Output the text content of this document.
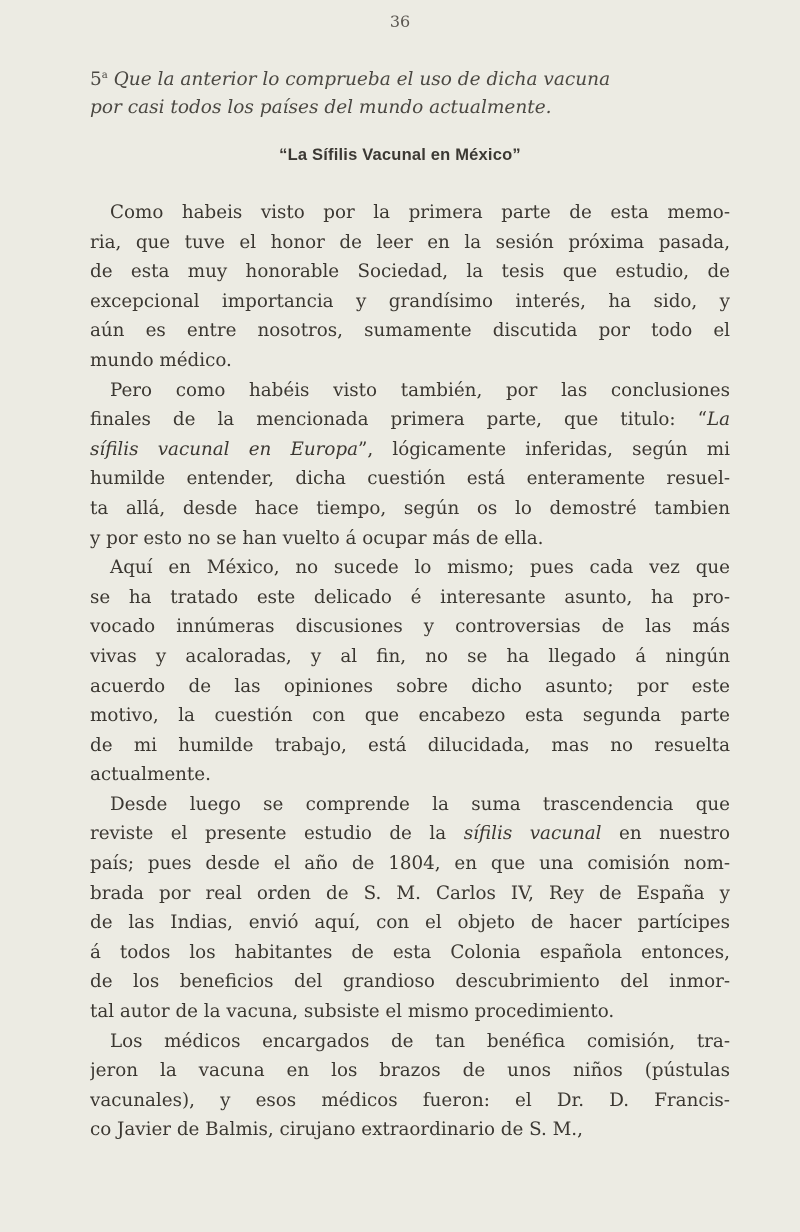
36
5$^a$ Que la anterior lo comprueba el uso de dicha vacuna
por casi todos los países del mundo actualmente.
“La Sífilis Vacunal en México”
Como habeis visto por la primera parte de esta memo-
ria, que tuve el honor de leer en la sesión próxima pasada,
de esta muy honorable Sociedad, la tesis que estudio, de
excepcional importancia y grandísimo interés, ha sido, y
aún es entre nosotros, sumamente discutida por todo el
mundo médico.
Pero como habéis visto también, por las conclusiones
finales de la mencionada primera parte, que titulo: “La
sífilis vacunal en Europa”, lógicamente inferidas, según mi
humilde entender, dicha cuestión está enteramente resuel-
ta allá, desde hace tiempo, según os lo demostré tambien
y por esto no se han vuelto á ocupar más de ella.
Aquí en México, no sucede lo mismo; pues cada vez que
se ha tratado este delicado é interesante asunto, ha pro-
vocado innúmeras discusiones y controversias de las más
vivas y acaloradas, y al fin, no se ha llegado á ningún
acuerdo de las opiniones sobre dicho asunto; por este
motivo, la cuestión con que encabezo esta segunda parte
de mi humilde trabajo, está dilucidada, mas no resuelta
actualmente.
Desde luego se comprende la suma trascendencia que
reviste el presente estudio de la sífilis vacunal en nuestro
país; pues desde el año de 1804, en que una comisión nom-
brada por real orden de S. M. Carlos IV, Rey de España y
de las Indias, envió aquí, con el objeto de hacer partícipes
á todos los habitantes de esta Colonia española entonces,
de los beneficios del grandioso descubrimiento del inmor-
tal autor de la vacuna, subsiste el mismo procedimiento.
Los médicos encargados de tan benéfica comisión, tra-
jeron la vacuna en los brazos de unos niños (pústulas
vacunales), y esos médicos fueron: el Dr. D. Francis-
co Javier de Balmis, cirujano extraordinario de S. M.,
